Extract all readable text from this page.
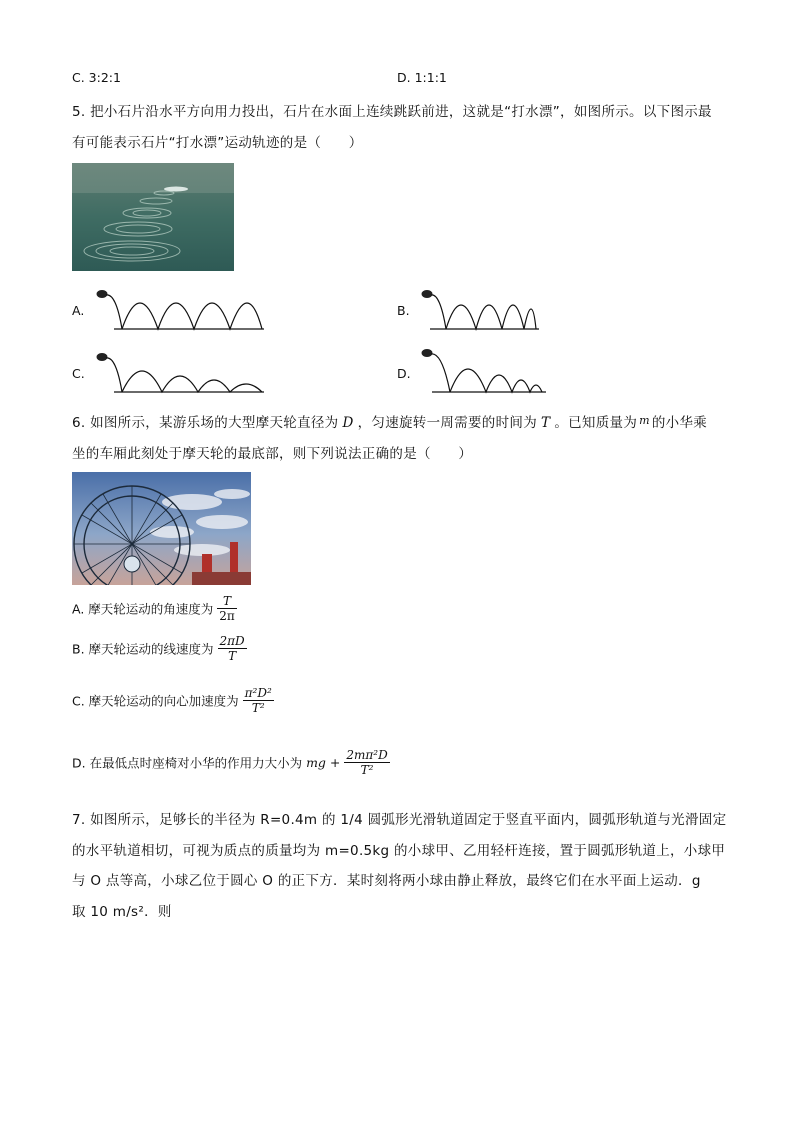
C. 3:2:1	D. 1:1:1
5. 把小石片沿水平方向用力投出，石片在水面上连续跳跃前进，这就是“打水漂”，如图所示。以下图示最
有可能表示石片“打水漂”运动轨迹的是（　　）
A.	B.
C.	D.
6. 如图所示，某游乐场的大型摩天轮直径为 D ，匀速旋转一周需要的时间为 T 。已知质量为 $^m$ 的小华乘
坐的车厢此刻处于摩天轮的最底部，则下列说法正确的是（　　）
A. 摩天轮运动的角速度为 $\frac{T}{2\pi}$
B. 摩天轮运动的线速度为 $\frac{2\pi D}{T}$
C. 摩天轮运动的向心加速度为 $\frac{\text{π²D²}}{\text{T²}}$
D. 在最低点时座椅对小华的作用力大小为 mg + $\frac{\text{2mπ²D}}{\text{T²}}$
7. 如图所示，足够长的半径为 R=0.4m 的 1/4 圆弧形光滑轨道固定于竖直平面内，圆弧形轨道与光滑固定
的水平轨道相切，可视为质点的质量均为 m=0.5kg 的小球甲、乙用轻杆连接，置于圆弧形轨道上，小球甲
与 O 点等高，小球乙位于圆心 O 的正下方．某时刻将两小球由静止释放，最终它们在水平面上运动．g
取 10 m/s²．则
